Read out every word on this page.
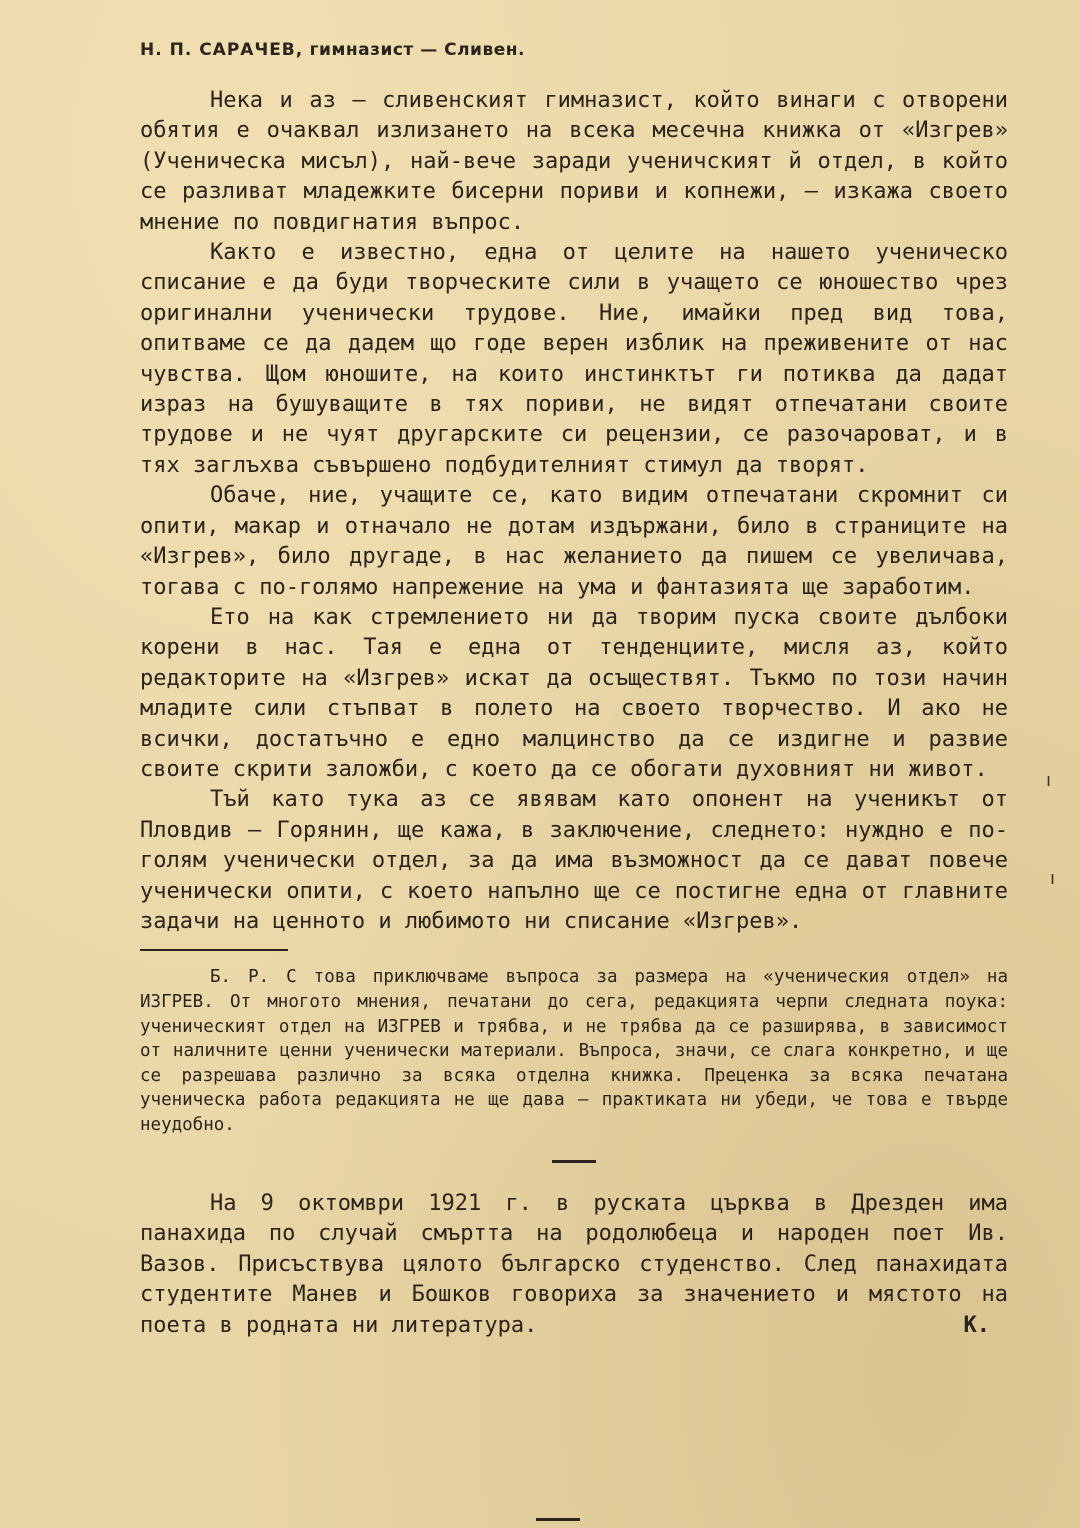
Н. П. САРАЧЕВ, гимназист — Сливен.

Нека и аз — сливенският гимназист, който винаги с отворени обятия е очаквал излизането на всека месечна книжка от «Изгрев» (Ученическа мисъл), най-вече заради ученичският й отдел, в който се разливат младежките бисерни пориви и копнежи, — изкажа своето мнение по повдигнатия въпрос.

Както е известно, една от целите на нашето ученическо списание е да буди творческите сили в учащето се юношество чрез оригинални ученически трудове. Ние, имайки пред вид това, опитваме се да дадем що годе верен изблик на преживените от нас чувства. Щом юношите, на които инстинктът ги потиква да дадат израз на бушуващите в тях пориви, не видят отпечатани своите трудове и не чуят другарските си рецензии, се разочароват, и в тях заглъхва съвършено подбудителният стимул да творят.

Обаче, ние, учащите се, като видим отпечатани скромнит си опити, макар и отначало не дотам издържани, било в страниците на «Изгрев», било другаде, в нас желанието да пишем се увеличава, тогава с по-голямо напрежение на ума и фантазията ще заработим.

Ето на как стремлението ни да творим пуска своите дълбоки корени в нас. Тая е една от тенденциите, мисля аз, който редакторите на «Изгрев» искат да осъществят. Тъкмо по този начин младите сили стъпват в полето на своето творчество. И ако не всички, достатъчно е едно малцинство да се издигне и развие своите скрити заложби, с което да се обогати духовният ни живот.

Тъй като тука аз се явявам като опонент на ученикът от Пловдив — Горянин, ще кажа, в заключение, следнето: нуждно е по-голям ученически отдел, за да има възможност да се дават повече ученически опити, с което напълно ще се постигне една от главните задачи на ценното и любимото ни списание «Изгрев».

Б. Р. С това приключваме въпроса за размера на «ученическия отдел» на ИЗГРЕВ. От многото мнения, печатани до сега, редакцията черпи следната поука: ученическият отдел на ИЗГРЕВ и трябва, и не трябва да се разширява, в зависимост от наличните ценни ученически материали. Въпроса, значи, се слага конкретно, и ще се разрешава различно за всяка отделна книжка. Преценка за всяка печатана ученическа работа редакцията не ще дава — практиката ни убеди, че това е твърде неудобно.

На 9 октомври 1921 г. в руската църква в Дрезден има панахида по случай смъртта на родолюбеца и народен поет Ив. Вазов. Присъствува цялото българско студенство. След панахидата студентите Манев и Бошков говориха за значението и мястото на поета в родната ни литература.	К.

ı
ı
